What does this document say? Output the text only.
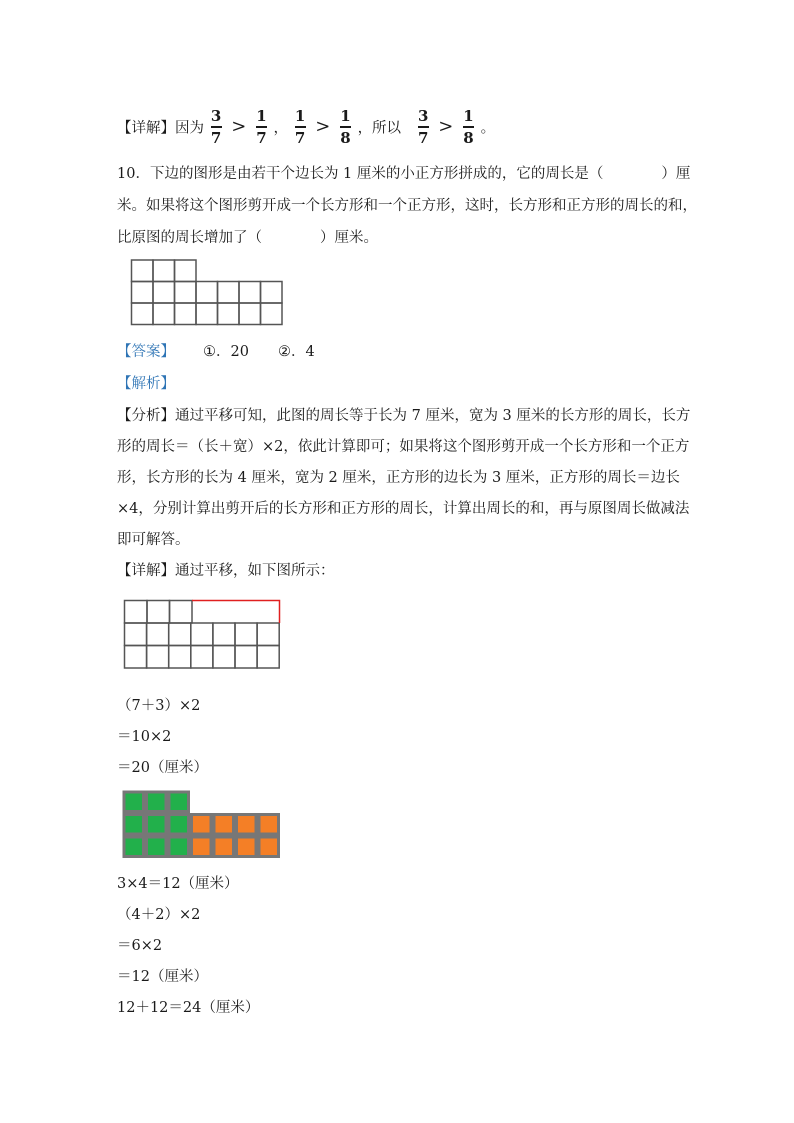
【详解】因为 $\frac{3}{7} > \frac{1}{7}$ ， $\frac{1}{7} > \frac{1}{8}$ ，所以 $\frac{3}{7} > \frac{1}{8}$ 。
10．下边的图形是由若干个边长为 1 厘米的小正方形拼成的，它的周长是（　　　　）厘
米。如果将这个图形剪开成一个长方形和一个正方形，这时，长方形和正方形的周长的和，
比原图的周长增加了（　　　　）厘米。
【答案】 ①．20　　②．4
【解析】
【分析】通过平移可知，此图的周长等于长为 7 厘米，宽为 3 厘米的长方形的周长，长方
形的周长＝（长＋宽）×2，依此计算即可；如果将这个图形剪开成一个长方形和一个正方
形，长方形的长为 4 厘米，宽为 2 厘米，正方形的边长为 3 厘米，正方形的周长＝边长
×4，分别计算出剪开后的长方形和正方形的周长，计算出周长的和，再与原图周长做减法
即可解答。
【详解】通过平移，如下图所示：
（7＋3）×2
＝10×2
＝20（厘米）
3×4＝12（厘米）
（4＋2）×2
＝6×2
＝12（厘米）
12＋12＝24（厘米）
